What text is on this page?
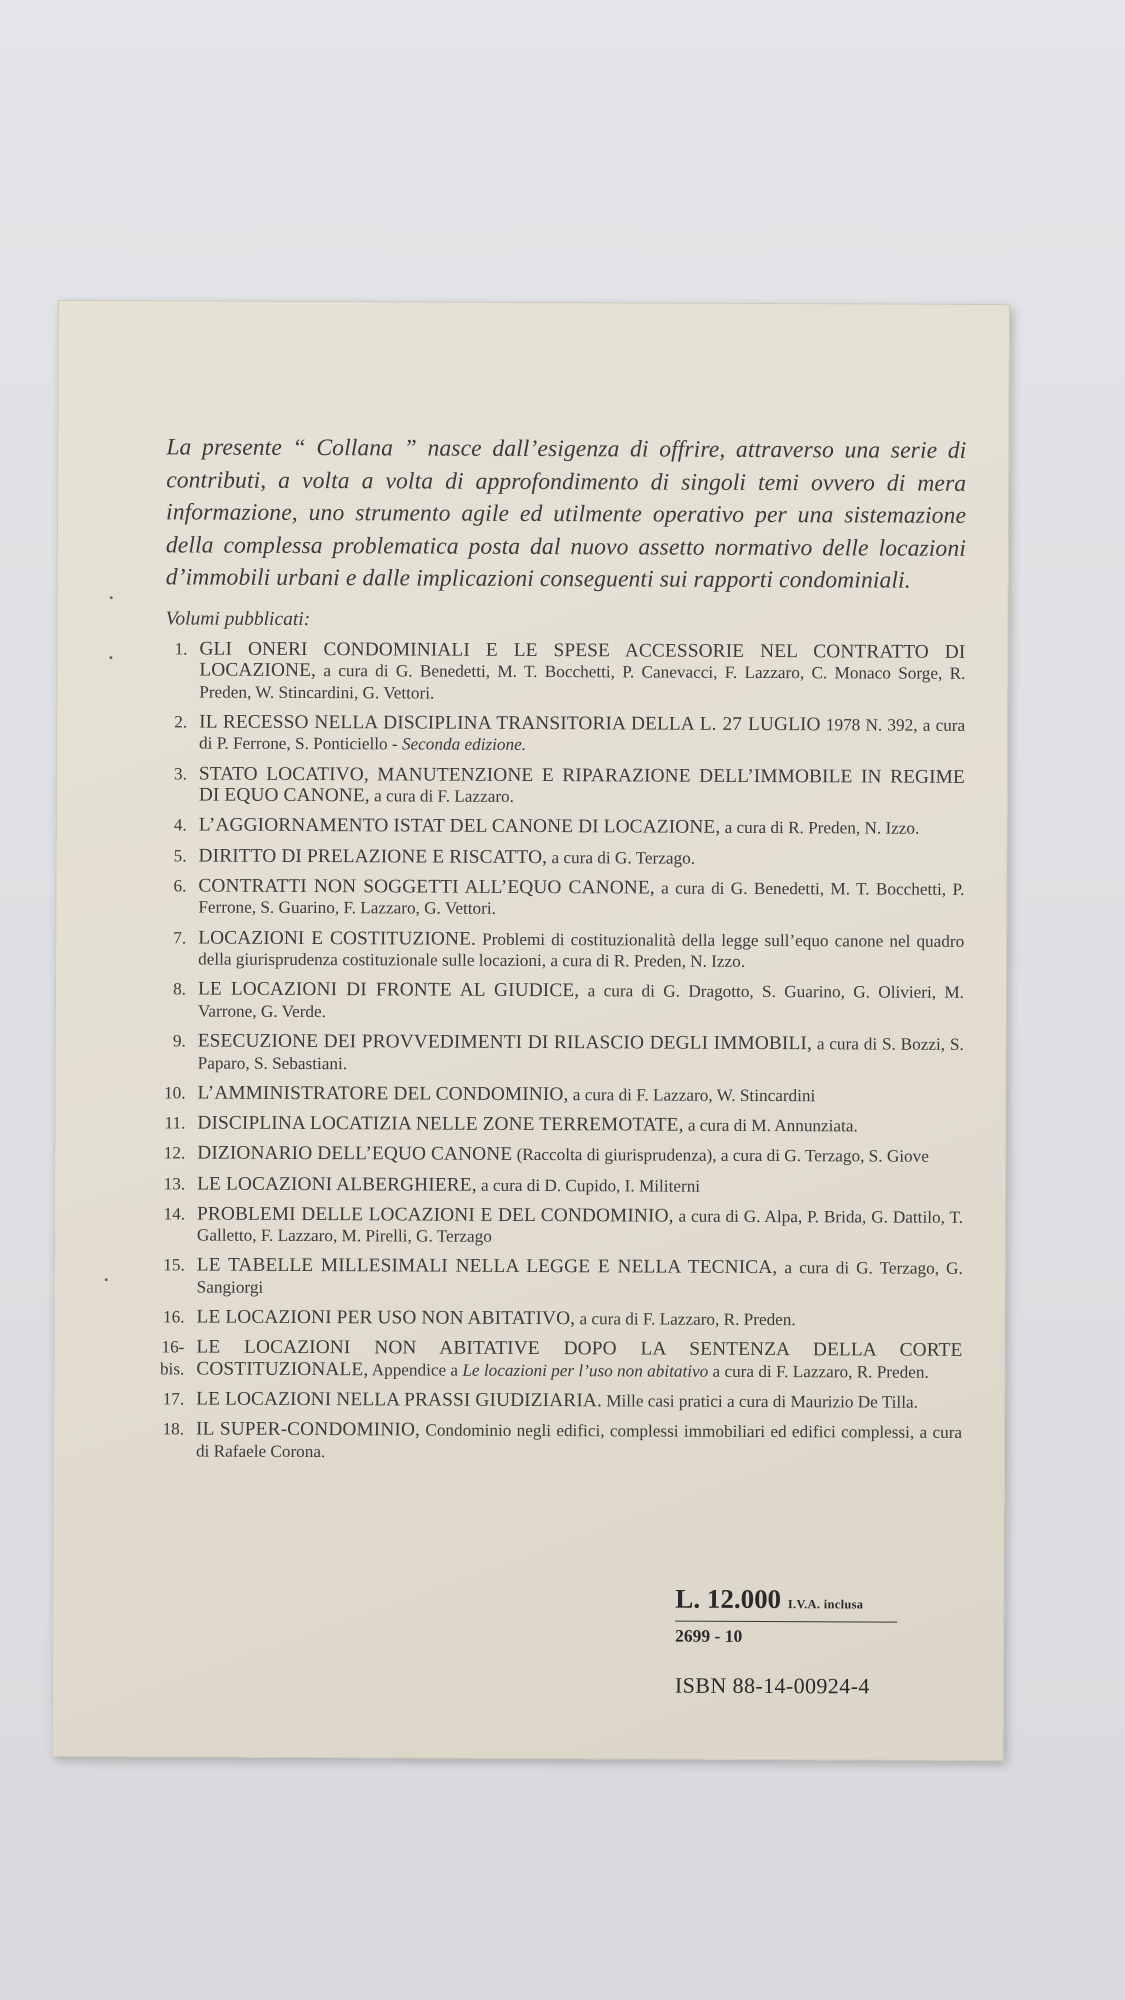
La presente “ Collana ” nasce dall’esigenza di offrire, attraverso una serie di contributi, a volta a volta di approfondimento di singoli temi ovvero di mera informazione, uno strumento agile ed utilmente operativo per una sistemazione della complessa problematica posta dal nuovo assetto normativo delle locazioni d’immobili urbani e dalle implicazioni conseguenti sui rapporti condominiali.

Volumi pubblicati:
1. GLI ONERI CONDOMINIALI E LE SPESE ACCESSORIE NEL CONTRATTO DI LOCAZIONE, a cura di G. Benedetti, M. T. Bocchetti, P. Canevacci, F. Lazzaro, C. Monaco Sorge, R. Preden, W. Stincardini, G. Vettori.
2. IL RECESSO NELLA DISCIPLINA TRANSITORIA DELLA L. 27 LUGLIO 1978 N. 392, a cura di P. Ferrone, S. Ponticiello - Seconda edizione.
3. STATO LOCATIVO, MANUTENZIONE E RIPARAZIONE DELL’IMMOBILE IN REGIME DI EQUO CANONE, a cura di F. Lazzaro.
4. L’AGGIORNAMENTO ISTAT DEL CANONE DI LOCAZIONE, a cura di R. Preden, N. Izzo.
5. DIRITTO DI PRELAZIONE E RISCATTO, a cura di G. Terzago.
6. CONTRATTI NON SOGGETTI ALL’EQUO CANONE, a cura di G. Benedetti, M. T. Bocchetti, P. Ferrone, S. Guarino, F. Lazzaro, G. Vettori.
7. LOCAZIONI E COSTITUZIONE. Problemi di costituzionalità della legge sull’equo canone nel quadro della giurisprudenza costituzionale sulle locazioni, a cura di R. Preden, N. Izzo.
8. LE LOCAZIONI DI FRONTE AL GIUDICE, a cura di G. Dragotto, S. Guarino, G. Olivieri, M. Varrone, G. Verde.
9. ESECUZIONE DEI PROVVEDIMENTI DI RILASCIO DEGLI IMMOBILI, a cura di S. Bozzi, S. Paparo, S. Sebastiani.
10. L’AMMINISTRATORE DEL CONDOMINIO, a cura di F. Lazzaro, W. Stincardini
11. DISCIPLINA LOCATIZIA NELLE ZONE TERREMOTATE, a cura di M. Annunziata.
12. DIZIONARIO DELL’EQUO CANONE (Raccolta di giurisprudenza), a cura di G. Terzago, S. Giove
13. LE LOCAZIONI ALBERGHIERE, a cura di D. Cupido, I. Militerni
14. PROBLEMI DELLE LOCAZIONI E DEL CONDOMINIO, a cura di G. Alpa, P. Brida, G. Dattilo, T. Galletto, F. Lazzaro, M. Pirelli, G. Terzago
15. LE TABELLE MILLESIMALI NELLA LEGGE E NELLA TECNICA, a cura di G. Terzago, G. Sangiorgi
16. LE LOCAZIONI PER USO NON ABITATIVO, a cura di F. Lazzaro, R. Preden.
16-bis.
LE LOCAZIONI NON ABITATIVE DOPO LA SENTENZA DELLA CORTE COSTITUZIONALE, Appendice a Le locazioni per l’uso non abitativo a cura di F. Lazzaro, R. Preden.
17. LE LOCAZIONI NELLA PRASSI GIUDIZIARIA. Mille casi pratici a cura di Maurizio De Tilla.
18. IL SUPER-CONDOMINIO, Condominio negli edifici, complessi immobiliari ed edifici complessi, a cura di Rafaele Corona.
L. 12.000 I.V.A. inclusa
2699 - 10
ISBN 88-14-00924-4
